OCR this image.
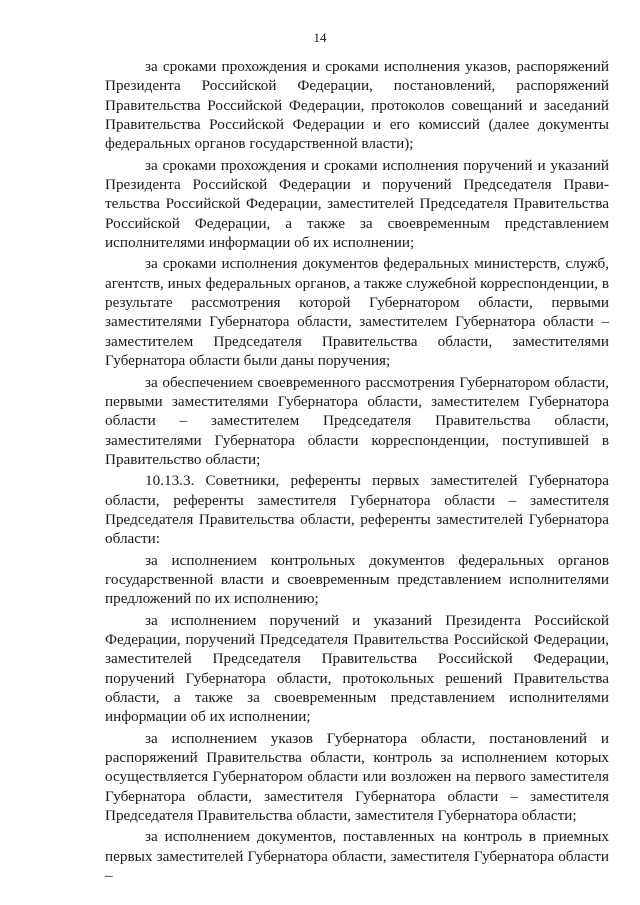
14

за сроками прохождения и сроками исполнения указов, распоряжений Президента Российской Федерации, постановлений, распоряжений Правительства Российской Федерации, протоколов совещаний и заседаний Правительства Российской Федерации и его комиссий (далее документы федеральных органов государственной власти);

за сроками прохождения и сроками исполнения поручений и указаний Президента Российской Федерации и поручений Председателя Правительства Российской Федерации, заместителей Председателя Правительства Российской Федерации, а также за своевременным представлением исполнителями информации об их исполнении;

за сроками исполнения документов федеральных министерств, служб, агентств, иных федеральных органов, а также служебной корреспонденции, в результате рассмотрения которой Губернатором области, первыми заместителями Губернатора области, заместителем Губернатора области – заместителем Председателя Правительства области, заместителями Губернатора области были даны поручения;

за обеспечением своевременного рассмотрения Губернатором области, первыми заместителями Губернатора области, заместителем Губернатора области – заместителем Председателя Правительства области, заместителями Губернатора области корреспонденции, поступившей в Правительство области;

10.13.3. Советники, референты первых заместителей Губернатора области, референты заместителя Губернатора области – заместителя Председателя Правительства области, референты заместителей Губернатора области:

за исполнением контрольных документов федеральных органов государственной власти и своевременным представлением исполнителями предложений по их исполнению;

за исполнением поручений и указаний Президента Российской Федерации, поручений Председателя Правительства Российской Федерации, заместителей Председателя Правительства Российской Федерации, поручений Губернатора области, протокольных решений Правительства области, а также за своевременным представлением исполнителями информации об их исполнении;

за исполнением указов Губернатора области, постановлений и распоряжений Правительства области, контроль за исполнением которых осуществляется Губернатором области или возложен на первого заместителя Губернатора области, заместителя Губернатора области – заместителя Председателя Правительства области, заместителя Губернатора области;

за исполнением документов, поставленных на контроль в приемных первых заместителей Губернатора области, заместителя Губернатора области –
